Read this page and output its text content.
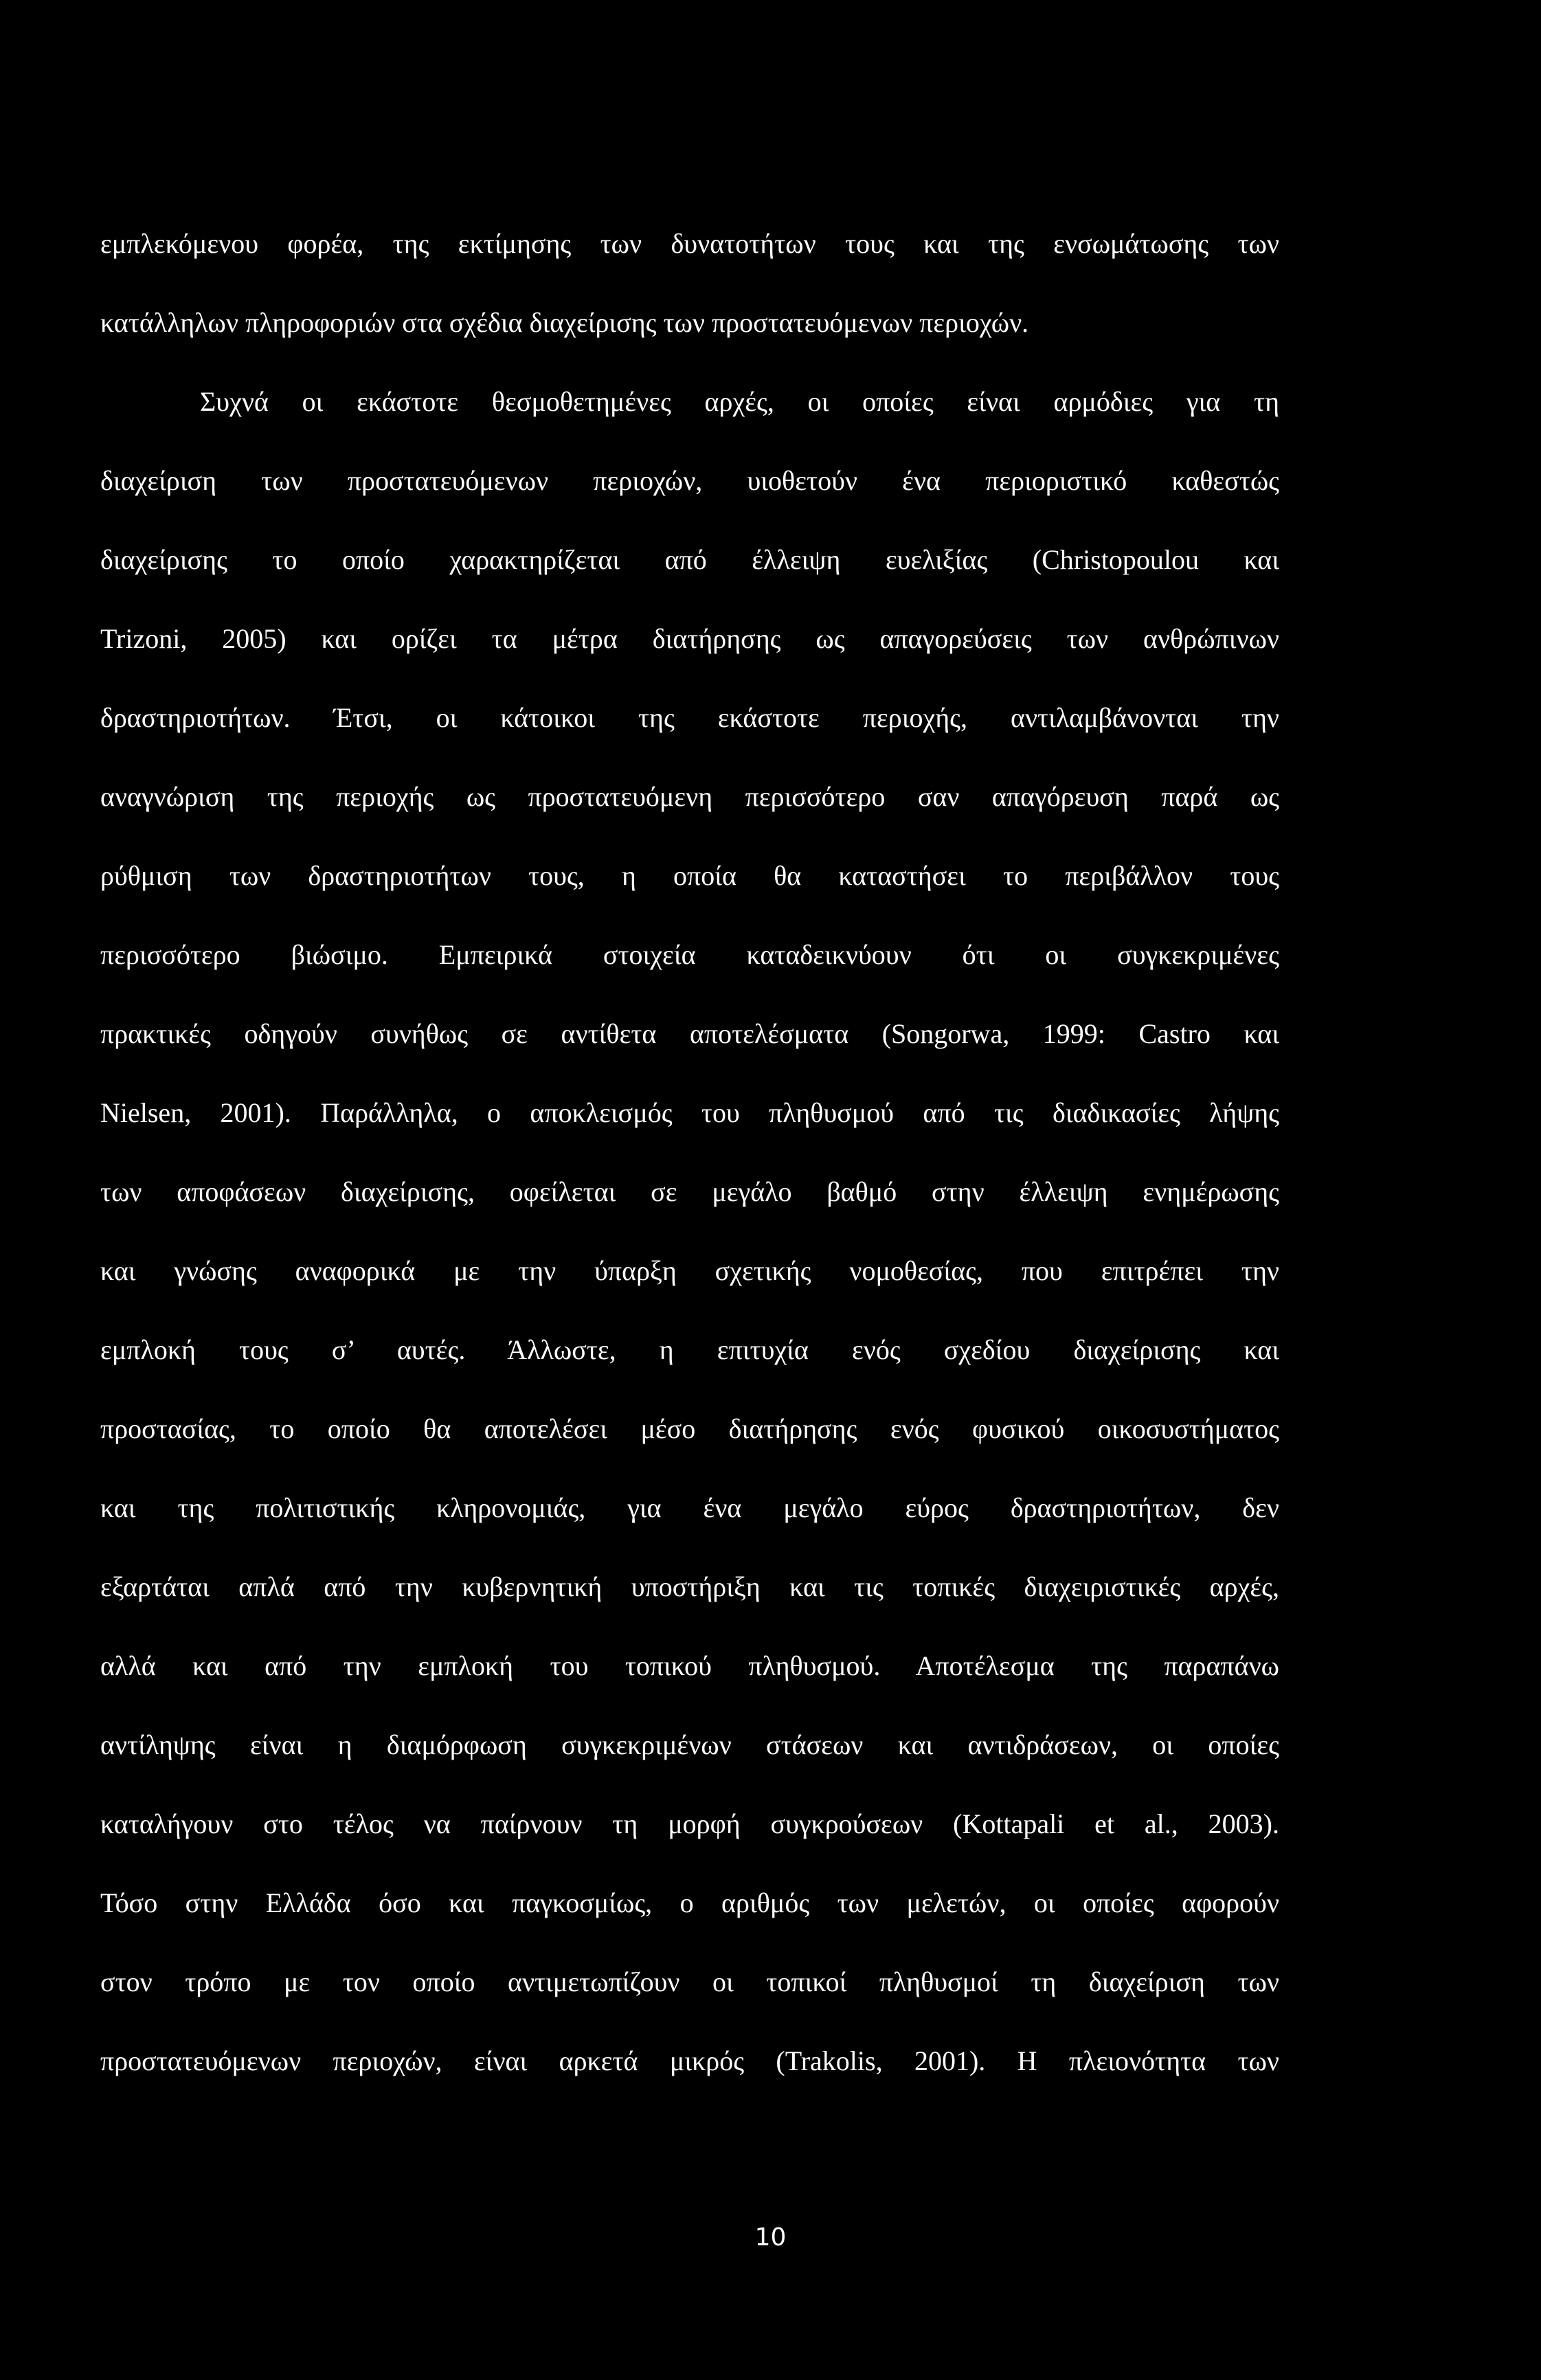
εμπλεκόμενου φορέα, της εκτίμησης των δυνατοτήτων τους και της ενσωμάτωσης των
κατάλληλων πληροφοριών στα σχέδια διαχείρισης των προστατευόμενων περιοχών.
Συχνά οι εκάστοτε θεσμοθετημένες αρχές, οι οποίες είναι αρμόδιες για τη
διαχείριση των προστατευόμενων περιοχών, υιοθετούν ένα περιοριστικό καθεστώς
διαχείρισης το οποίο χαρακτηρίζεται από έλλειψη ευελιξίας (Christopoulou και
Trizoni, 2005) και ορίζει τα μέτρα διατήρησης ως απαγορεύσεις των ανθρώπινων
δραστηριοτήτων. Έτσι, οι κάτοικοι της εκάστοτε περιοχής, αντιλαμβάνονται την
αναγνώριση της περιοχής ως προστατευόμενη περισσότερο σαν απαγόρευση παρά ως
ρύθμιση των δραστηριοτήτων τους, η οποία θα καταστήσει το περιβάλλον τους
περισσότερο βιώσιμο. Εμπειρικά στοιχεία καταδεικνύουν ότι οι συγκεκριμένες
πρακτικές οδηγούν συνήθως σε αντίθετα αποτελέσματα (Songorwa, 1999: Castro και
Nielsen, 2001). Παράλληλα, ο αποκλεισμός του πληθυσμού από τις διαδικασίες λήψης
των αποφάσεων διαχείρισης, οφείλεται σε μεγάλο βαθμό στην έλλειψη ενημέρωσης
και γνώσης αναφορικά με την ύπαρξη σχετικής νομοθεσίας, που επιτρέπει την
εμπλοκή τους σ’ αυτές. Άλλωστε, η επιτυχία ενός σχεδίου διαχείρισης και
προστασίας, το οποίο θα αποτελέσει μέσο διατήρησης ενός φυσικού οικοσυστήματος
και της πολιτιστικής κληρονομιάς, για ένα μεγάλο εύρος δραστηριοτήτων, δεν
εξαρτάται απλά από την κυβερνητική υποστήριξη και τις τοπικές διαχειριστικές αρχές,
αλλά και από την εμπλοκή του τοπικού πληθυσμού. Αποτέλεσμα της παραπάνω
αντίληψης είναι η διαμόρφωση συγκεκριμένων στάσεων και αντιδράσεων, οι οποίες
καταλήγουν στο τέλος να παίρνουν τη μορφή συγκρούσεων (Kottapali et al., 2003).
Τόσο στην Ελλάδα όσο και παγκοσμίως, ο αριθμός των μελετών, οι οποίες αφορούν
στον τρόπο με τον οποίο αντιμετωπίζουν οι τοπικοί πληθυσμοί τη διαχείριση των
προστατευόμενων περιοχών, είναι αρκετά μικρός (Trakolis, 2001). Η πλειονότητα των
10
